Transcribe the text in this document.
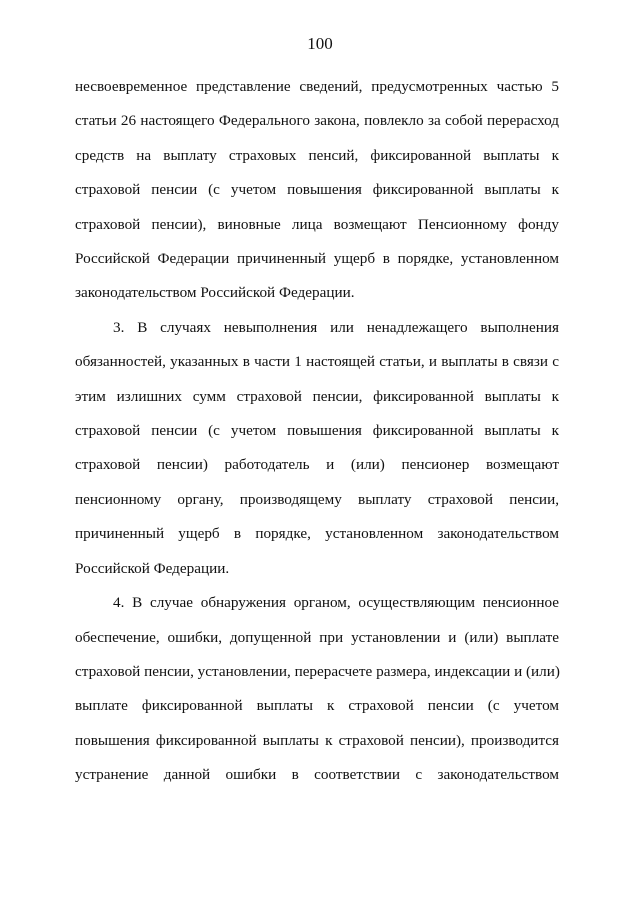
100

несвоевременное представление сведений, предусмотренных частью 5
статьи 26 настоящего Федерального закона, повлекло за собой перерасход
средств на выплату страховых пенсий, фиксированной выплаты к
страховой пенсии (с учетом повышения фиксированной выплаты к
страховой пенсии), виновные лица возмещают Пенсионному фонду
Российской Федерации причиненный ущерб в порядке, установленном
законодательством Российской Федерации.

3. В случаях невыполнения или ненадлежащего выполнения
обязанностей, указанных в части 1 настоящей статьи, и выплаты в связи с
этим излишних сумм страховой пенсии, фиксированной выплаты к
страховой пенсии (с учетом повышения фиксированной выплаты к
страховой пенсии) работодатель и (или) пенсионер возмещают
пенсионному органу, производящему выплату страховой пенсии,
причиненный ущерб в порядке, установленном законодательством
Российской Федерации.

4. В случае обнаружения органом, осуществляющим пенсионное
обеспечение, ошибки, допущенной при установлении и (или) выплате
страховой пенсии, установлении, перерасчете размера, индексации и (или)
выплате фиксированной выплаты к страховой пенсии (с учетом
повышения фиксированной выплаты к страховой пенсии), производится
устранение данной ошибки в соответствии с законодательством
